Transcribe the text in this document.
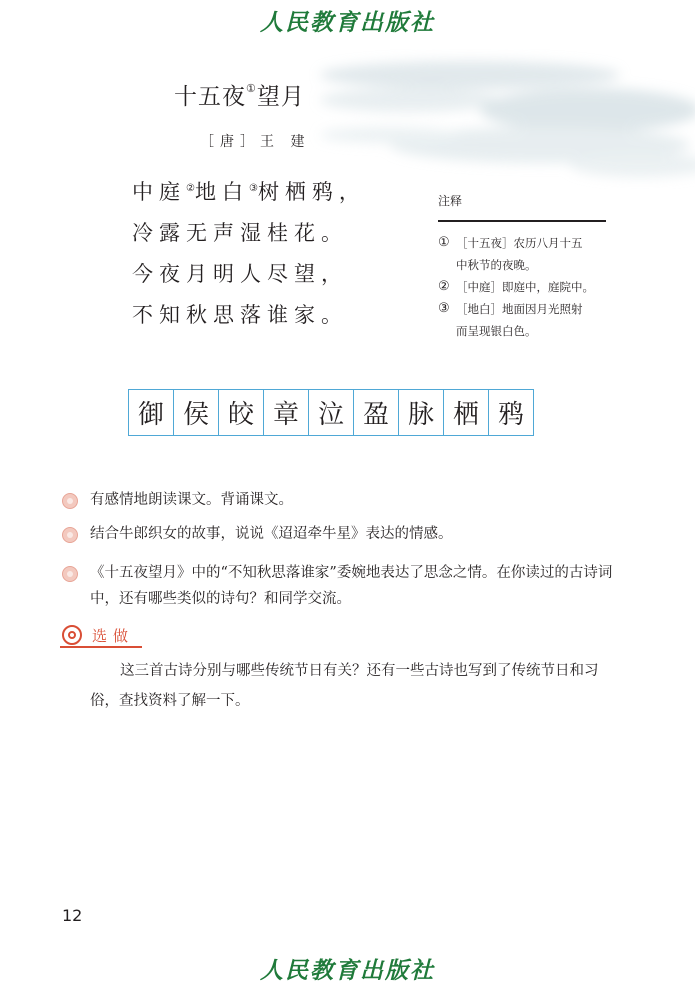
人民教育出版社
十五夜①望月
［唐］王 建
中庭②地白③树栖鸦，
冷露无声湿桂花。
今夜月明人尽望，
不知秋思落谁家。
注释
① ［十五夜］农历八月十五
中秋节的夜晚。
② ［中庭］即庭中，庭院中。
③ ［地白］地面因月光照射
而呈现银白色。
御 侯 皎 章 泣 盈 脉 栖 鸦
有感情地朗读课文。背诵课文。
结合牛郎织女的故事，说说《迢迢牵牛星》表达的情感。
《十五夜望月》中的“不知秋思落谁家”委婉地表达了思念之情。在你读过的古诗词中，还有哪些类似的诗句？和同学交流。
选做
这三首古诗分别与哪些传统节日有关？还有一些古诗也写到了传统节日和习俗，查找资料了解一下。
12
人民教育出版社
